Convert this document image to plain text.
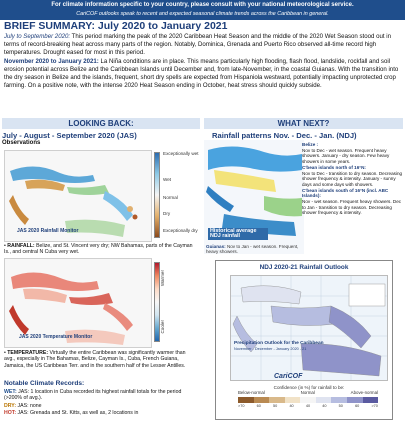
For climate information specific to your country, please consult with your national meteorological service.
CariCOF outlooks speak to recent and expected seasonal climate trends across the Caribbean in general.
BRIEF SUMMARY: July 2020 to January 2021

July to September 2020: This period marking the peak of the 2020 Caribbean Heat Season and the middle of the 2020 Wet Season stood out in terms of record-breaking heat across many parts of the region. Notably, Dominica, Grenada and Puerto Rico observed all-time record high temperatures. Drought eased for most in this period.

November 2020 to January 2021: La Niña conditions are in place. This means particularly high flooding, flash flood, landslide, rockfall and soil erosion potential across Belize and the Caribbean Islands until December and, from late-November, in the coastal Guianas. With the transition into the dry season in Belize and the islands, frequent, short dry spells are expected from Hispaniola westward, potentially impacting unprotected crop farming. On a positive note, with the intense 2020 Heat Season ending in October, heat stress should quickly subside.

LOOKING BACK:	WHAT NEXT?
July - August - September 2020 (JAS)
Observations
JAS 2020 Rainfall Monitor
Exceptionally wet
Wet
Normal
Dry
Exceptionally dry
• RAINFALL: Belize, and St. Vincent very dry; NW Bahamas, parts of the Cayman Is., and central N Cuba very wet.
JAS 2020 Temperature Monitor
Warmer
Cooler
• TEMPERATURE: Virtually the entire Caribbean was significantly warmer than avg., especially in The Bahamas, Belize, Cayman Is., Cuba, French Guiana, Jamaica, the US Caribbean Terr. and in the southern half of the Lesser Antilles.
Notable Climate Records:
WET: JAS: 1 location in Cuba recorded its highest rainfall totals for the period (>200% of avg.).
DRY: JAS: none
HOT: JAS: Grenada and St. Kitts, as well as, 2 locations in
Rainfall patterns Nov. - Dec. - Jan. (NDJ)
Historical average NDJ rainfall
Guianas: Nov to Jan - wet season. Frequent, heavy showers.
Belize :
Nov to Dec - wet season. Frequent heavy showers. January - dry season. Few heavy showers in some years.
C'bean islands north of 16°N:
Nov to Dec - transition to dry season. Decreasing shower frequency & intensity. January - sunny days and some days with showers.
C'bean islands south of 16°N (incl. ABC Islands):
Nov - wet season. Frequent heavy showers. Dec to Jan - transition to dry season. Decreasing shower frequency & intensity.
NDJ 2020-21 Rainfall Outlook
Precipitation Outlook for the Caribbean
November - December - January 2020 - 21
CariCOF
Confidence (in %) for rainfall to be:
Below-normal	Normal	Above-normal
>70	60	50	40	40	40	50	60	>70
